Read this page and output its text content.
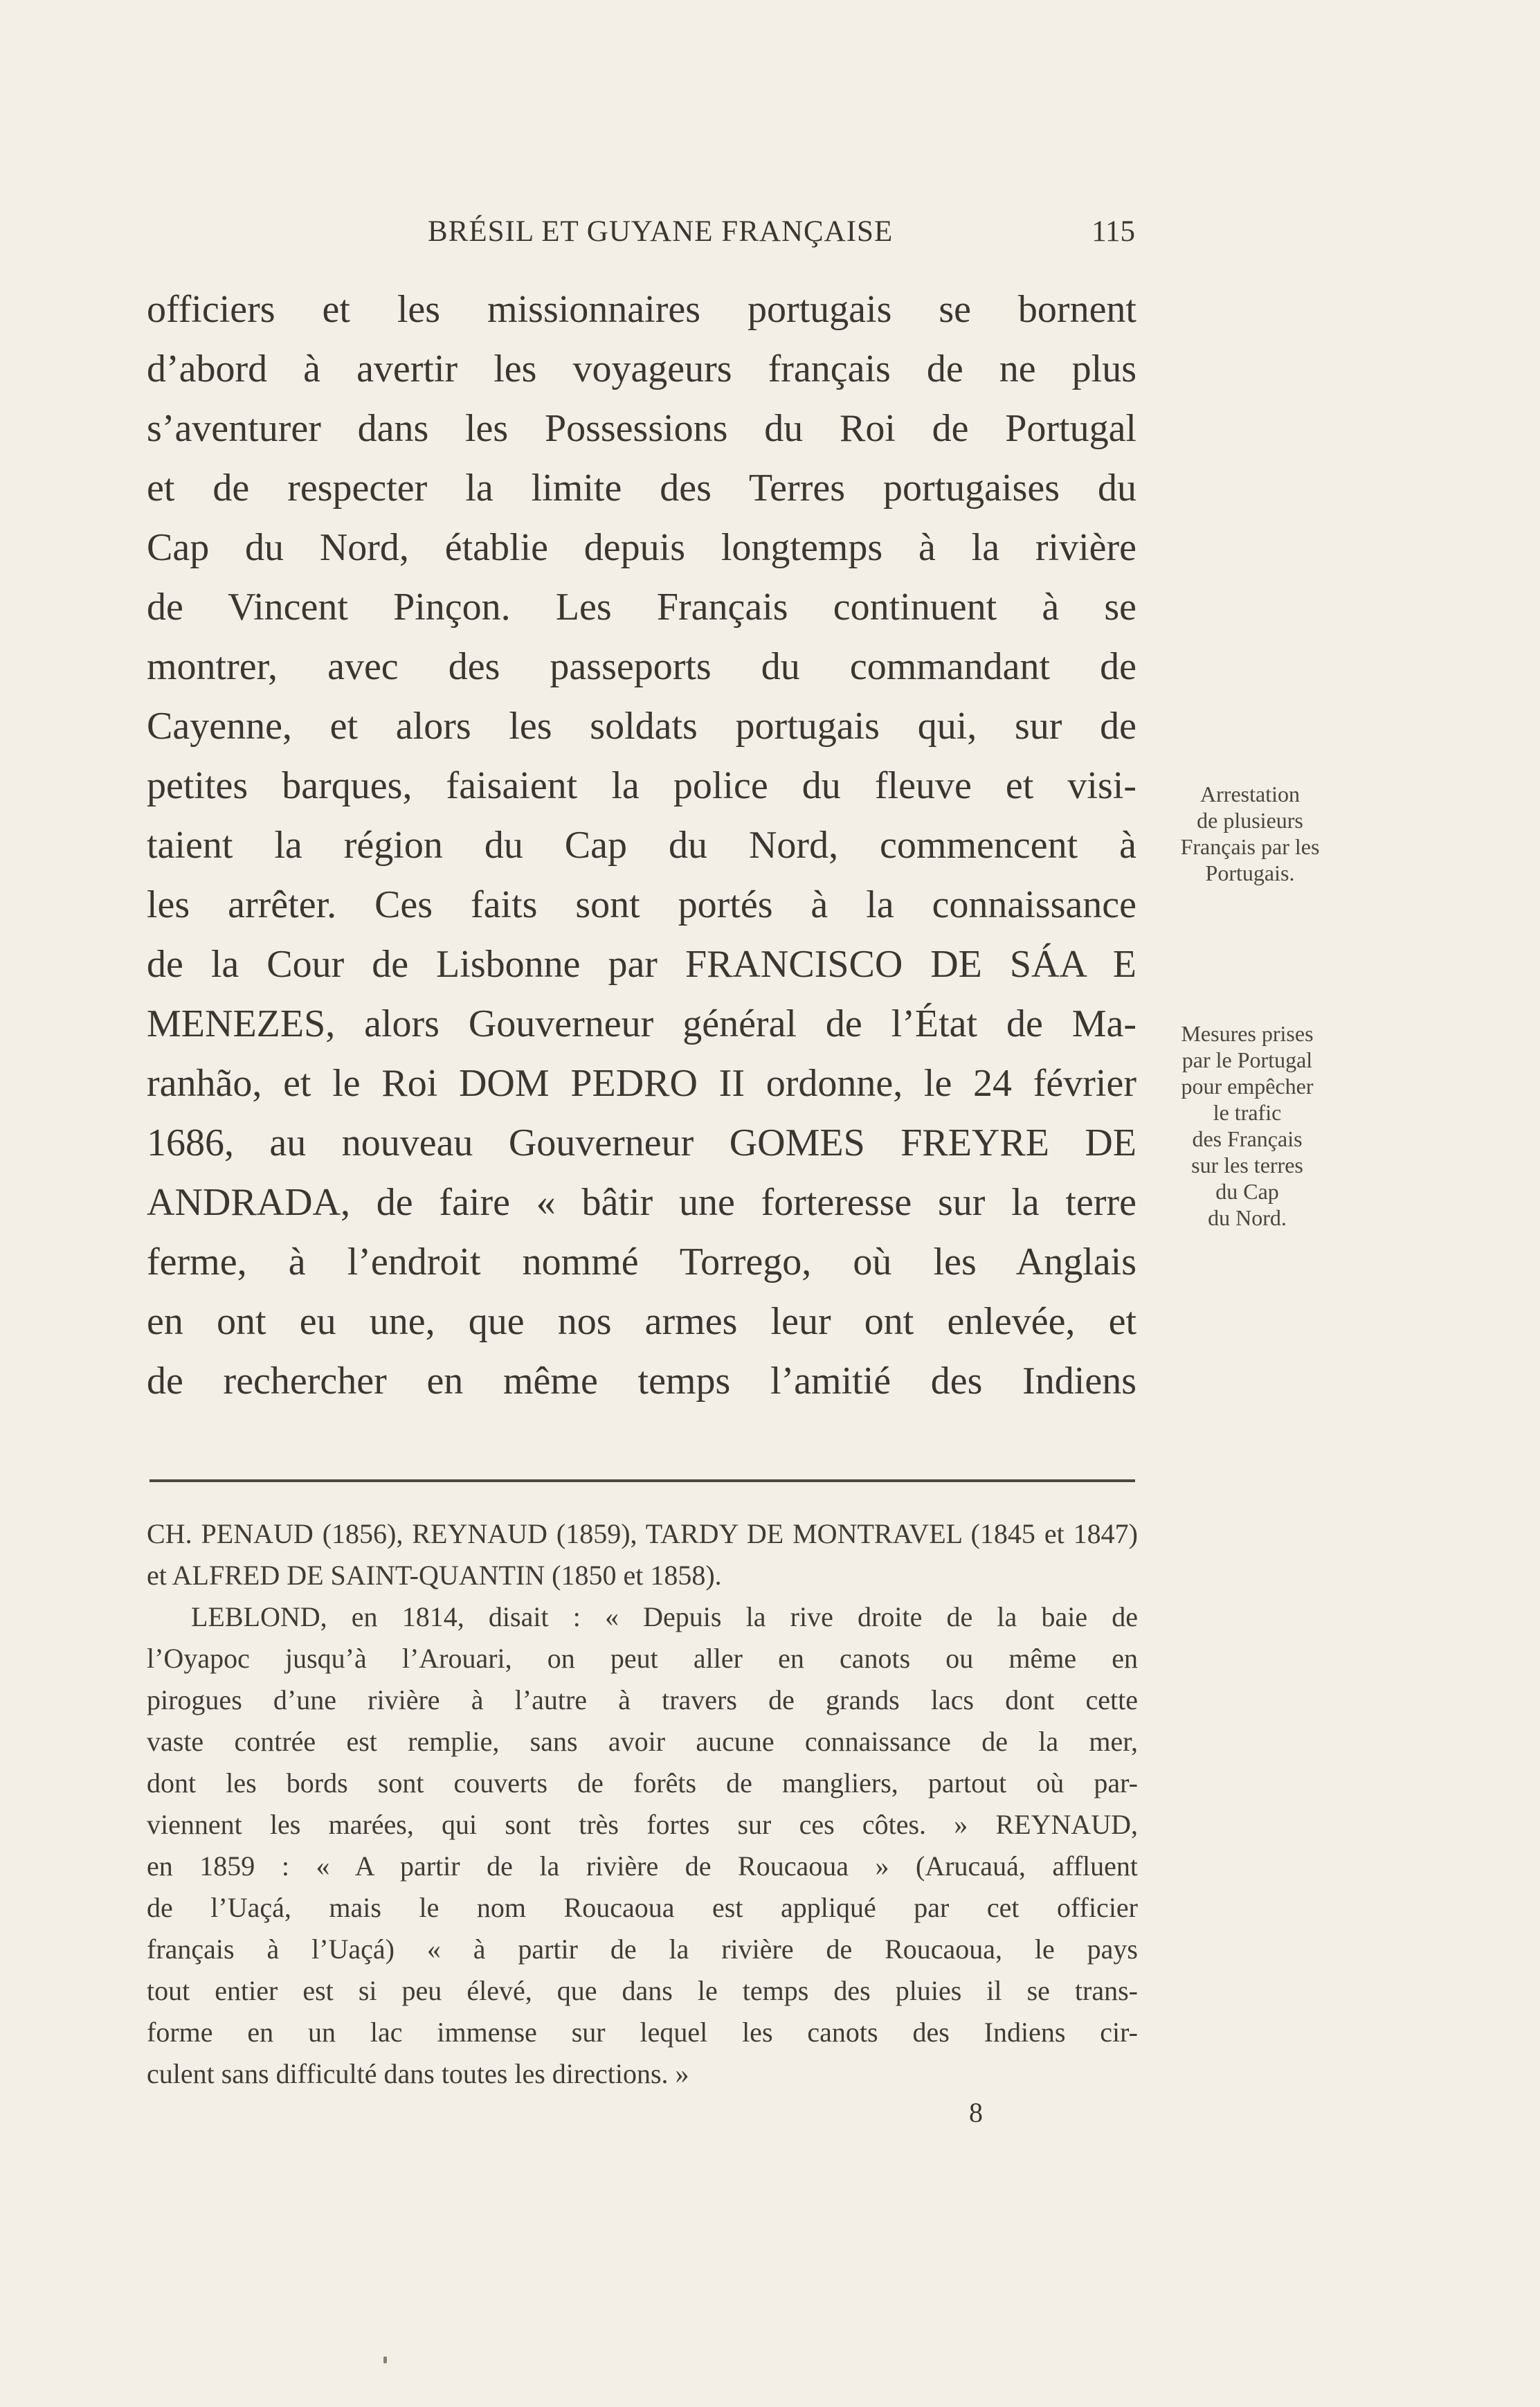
BRÉSIL ET GUYANE FRANÇAISE	115
officiers et les missionnaires portugais se bornent
d’abord à avertir les voyageurs français de ne plus
s’aventurer dans les Possessions du Roi de Portugal
et de respecter la limite des Terres portugaises du
Cap du Nord, établie depuis longtemps à la rivière
de Vincent Pinçon. Les Français continuent à se
montrer, avec des passeports du commandant de
Cayenne, et alors les soldats portugais qui, sur de
petites barques, faisaient la police du fleuve et visi-
taient la région du Cap du Nord, commencent à
les arrêter. Ces faits sont portés à la connaissance
de la Cour de Lisbonne par FRANCISCO DE SÁA E
MENEZES, alors Gouverneur général de l’État de Ma-
ranhão, et le Roi DOM PEDRO II ordonne, le 24 février
1686, au nouveau Gouverneur GOMES FREYRE DE
ANDRADA, de faire « bâtir une forteresse sur la terre
ferme, à l’endroit nommé Torrego, où les Anglais
en ont eu une, que nos armes leur ont enlevée, et
de rechercher en même temps l’amitié des Indiens
Arrestation
de plusieurs
Français par les
Portugais.
Mesures prises
par le Portugal
pour empêcher
le trafic
des Français
sur les terres
du Cap
du Nord.
CH. PENAUD (1856), REYNAUD (1859), TARDY DE MONTRAVEL (1845 et 1847)
et ALFRED DE SAINT-QUANTIN (1850 et 1858).
LEBLOND, en 1814, disait : « Depuis la rive droite de la baie de
l’Oyapoc jusqu’à l’Arouari, on peut aller en canots ou même en
pirogues d’une rivière à l’autre à travers de grands lacs dont cette
vaste contrée est remplie, sans avoir aucune connaissance de la mer,
dont les bords sont couverts de forêts de mangliers, partout où par-
viennent les marées, qui sont très fortes sur ces côtes. » REYNAUD,
en 1859 : « A partir de la rivière de Roucaoua » (Arucauá, affluent
de l’Uaçá, mais le nom Roucaoua est appliqué par cet officier
français à l’Uaçá) « à partir de la rivière de Roucaoua, le pays
tout entier est si peu élevé, que dans le temps des pluies il se trans-
forme en un lac immense sur lequel les canots des Indiens cir-
culent sans difficulté dans toutes les directions. »
8
